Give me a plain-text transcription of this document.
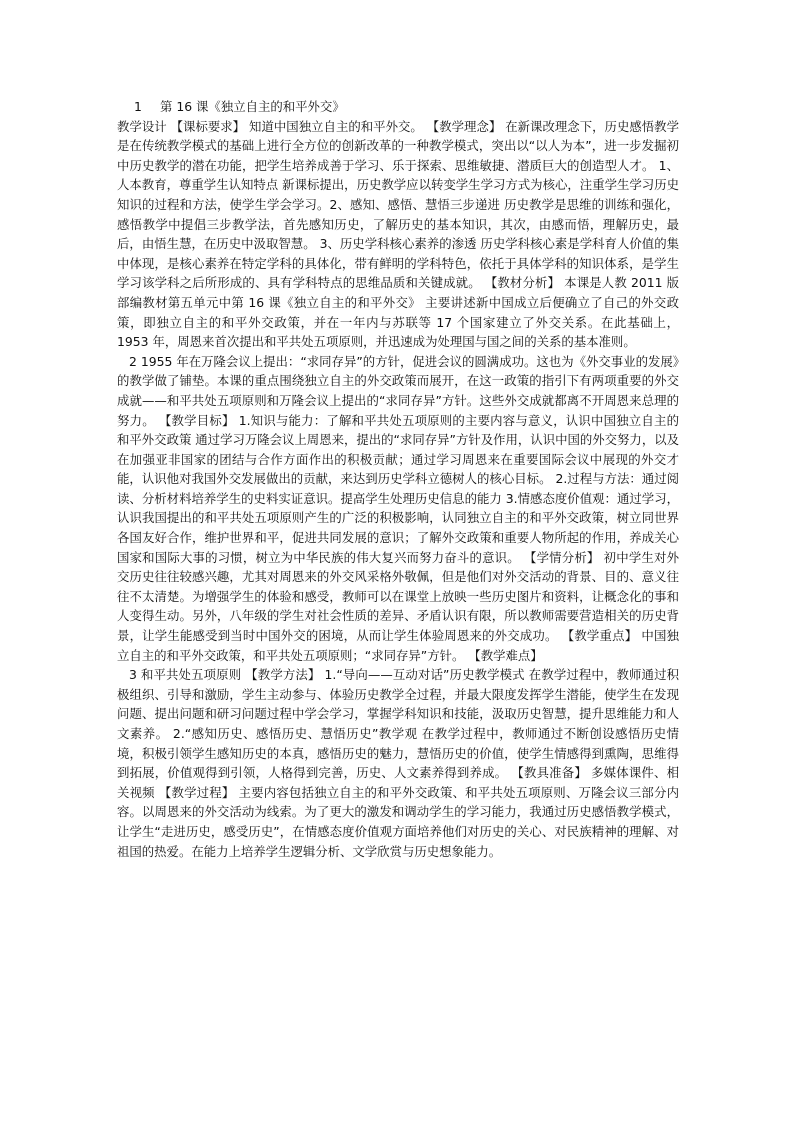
1 第 16 课《独立自主的和平外交》

教学设计 【课标要求】 知道中国独立自主的和平外交。 【教学理念】 在新课改理念下，历史感悟教学是在传统教学模式的基础上进行全方位的创新改革的一种教学模式，突出以“以人为本”，进一步发掘初中历史教学的潜在功能，把学生培养成善于学习、乐于探索、思维敏捷、潜质巨大的创造型人才。 1、人本教育，尊重学生认知特点 新课标提出，历史教学应以转变学生学习方式为核心，注重学生学习历史知识的过程和方法，使学生学会学习。2、感知、感悟、慧悟三步递进 历史教学是思维的训练和强化，感悟教学中提倡三步教学法，首先感知历史，了解历史的基本知识，其次，由感而悟，理解历史，最后，由悟生慧，在历史中汲取智慧。 3、历史学科核心素养的渗透 历史学科核心素是学科育人价值的集中体现，是核心素养在特定学科的具体化，带有鲜明的学科特色，依托于具体学科的知识体系，是学生学习该学科之后所形成的、具有学科特点的思维品质和关键成就。 【教材分析】 本课是人教 2011 版部编教材第五单元中第 16 课《独立自主的和平外交》 主要讲述新中国成立后便确立了自己的外交政策，即独立自主的和平外交政策，并在一年内与苏联等 17 个国家建立了外交关系。在此基础上，1953 年，周恩来首次提出和平共处五项原则，并迅速成为处理国与国之间的关系的基本准则。

2 1955 年在万隆会议上提出：“求同存异”的方针，促进会议的圆满成功。这也为《外交事业的发展》的教学做了铺垫。本课的重点围绕独立自主的外交政策而展开，在这一政策的指引下有两项重要的外交成就——和平共处五项原则和万隆会议上提出的“求同存异”方针。这些外交成就都离不开周恩来总理的努力。 【教学目标】 1.知识与能力：了解和平共处五项原则的主要内容与意义，认识中国独立自主的和平外交政策 通过学习万隆会议上周恩来，提出的“求同存异”方针及作用，认识中国的外交努力，以及在加强亚非国家的团结与合作方面作出的积极贡献；通过学习周恩来在重要国际会议中展现的外交才能，认识他对我国外交发展做出的贡献，来达到历史学科立德树人的核心目标。 2.过程与方法：通过阅读、分析材料培养学生的史料实证意识。提高学生处理历史信息的能力 3.情感态度价值观：通过学习，认识我国提出的和平共处五项原则产生的广泛的积极影响，认同独立自主的和平外交政策，树立同世界各国友好合作，维护世界和平，促进共同发展的意识；了解外交政策和重要人物所起的作用，养成关心国家和国际大事的习惯，树立为中华民族的伟大复兴而努力奋斗的意识。 【学情分析】 初中学生对外交历史往往较感兴趣，尤其对周恩来的外交风采格外敬佩，但是他们对外交活动的背景、目的、意义往往不太清楚。为增强学生的体验和感受，教师可以在课堂上放映一些历史图片和资料，让概念化的事和人变得生动。另外，八年级的学生对社会性质的差异、矛盾认识有限，所以教师需要营造相关的历史背景，让学生能感受到当时中国外交的困境，从而让学生体验周恩来的外交成功。 【教学重点】 中国独立自主的和平外交政策，和平共处五项原则；“求同存异”方针。 【教学难点】

3 和平共处五项原则 【教学方法】 1.“导向——互动对话”历史教学模式 在教学过程中，教师通过积极组织、引导和激励，学生主动参与、体验历史教学全过程，并最大限度发挥学生潜能，使学生在发现问题、提出问题和研习问题过程中学会学习，掌握学科知识和技能，汲取历史智慧，提升思维能力和人文素养。 2.“感知历史、感悟历史、慧悟历史”教学观 在教学过程中，教师通过不断创设感悟历史情境，积极引领学生感知历史的本真，感悟历史的魅力，慧悟历史的价值，使学生情感得到熏陶，思维得到拓展，价值观得到引领，人格得到完善，历史、人文素养得到养成。 【教具准备】 多媒体课件、相关视频 【教学过程】 主要内容包括独立自主的和平外交政策、和平共处五项原则、万隆会议三部分内容。以周恩来的外交活动为线索。为了更大的激发和调动学生的学习能力，我通过历史感悟教学模式，让学生“走进历史，感受历史”，在情感态度价值观方面培养他们对历史的关心、对民族精神的理解、对祖国的热爱。在能力上培养学生逻辑分析、文学欣赏与历史想象能力。
